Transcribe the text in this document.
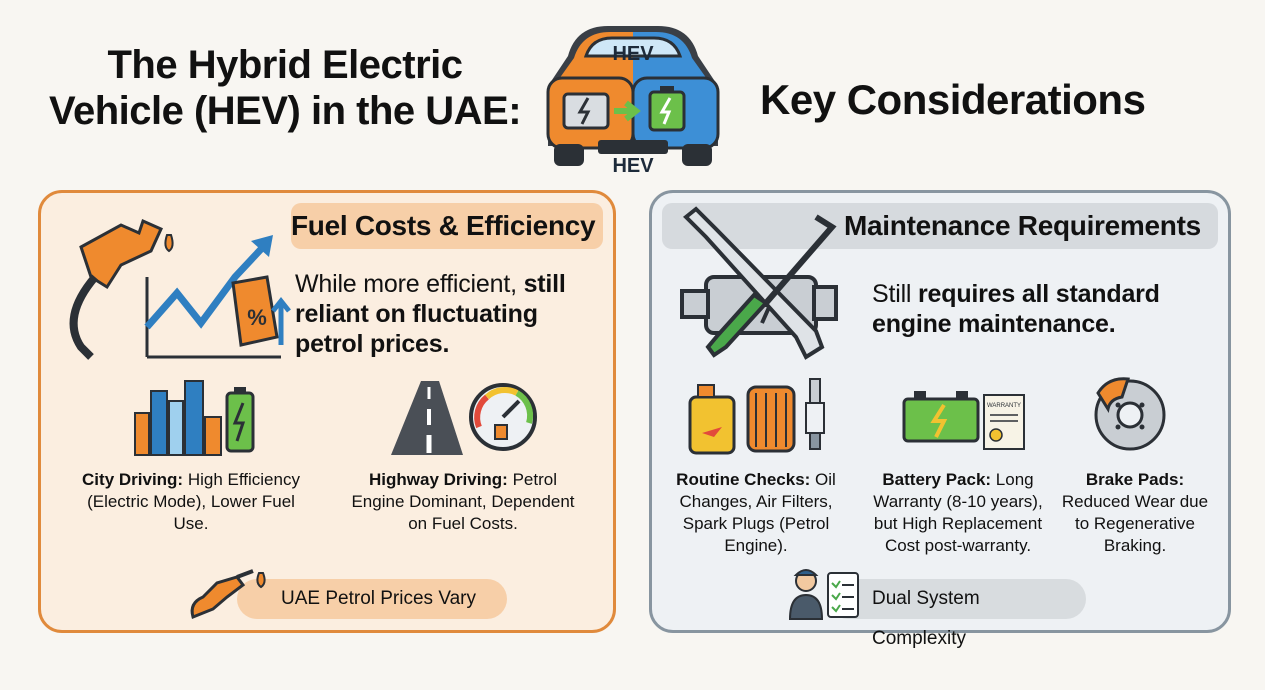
The Hybrid Electric
Vehicle (HEV) in the UAE:
HEV
HEV
Key Considerations
Fuel Costs & Efficiency
%
While more efficient, still reliant on fluctuating petrol prices.
City Driving: High Efficiency (Electric Mode), Lower Fuel Use.
Highway Driving: Petrol Engine Dominant, Dependent on Fuel Costs.
UAE Petrol Prices Vary
Maintenance Requirements
Still requires all standard engine maintenance.
WARRANTY
Routine Checks: Oil Changes, Air Filters, Spark Plugs (Petrol Engine).
Battery Pack: Long Warranty (8-10 years), but High Replacement Cost post-warranty.
Brake Pads: Reduced Wear due to Regenerative Braking.
Dual System Complexity
